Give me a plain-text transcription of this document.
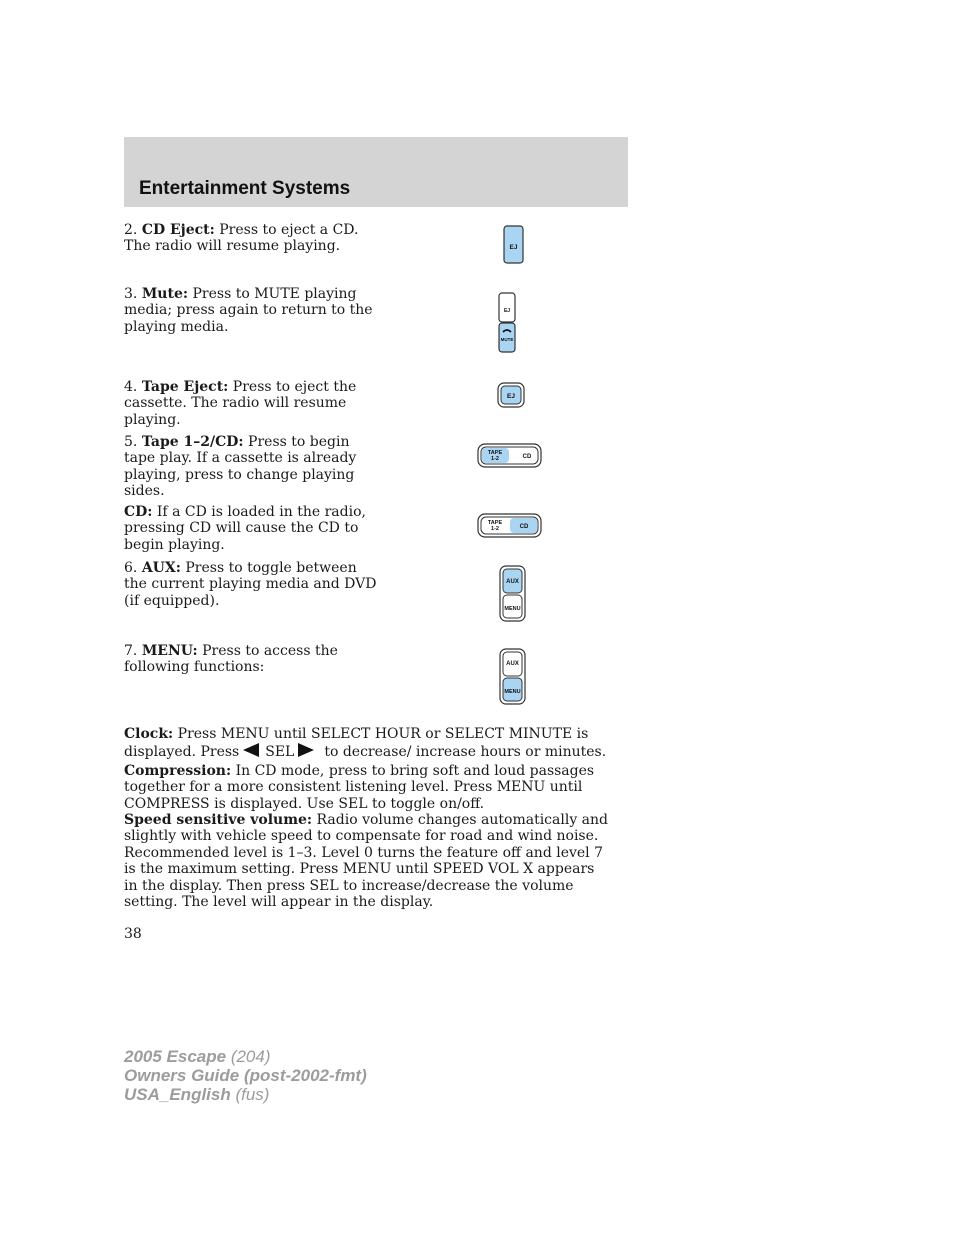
Entertainment Systems
2. CD Eject: Press to eject a CD. The radio will resume playing.	EJ
3. Mute: Press to MUTE playing media; press again to return to the playing media.
EJ
MUTE
4. Tape Eject: Press to eject the cassette. The radio will resume playing.
EJ
5. Tape 1–2/CD: Press to begin tape play. If a cassette is already playing, press to change playing sides.
TAPE
1-2	CD
CD: If a CD is loaded in the radio, pressing CD will cause the CD to begin playing.
TAPE
1-2	CD
6. AUX: Press to toggle between the current playing media and DVD (if equipped).
AUX
MENU
7. MENU: Press to access the following functions:	AUX
MENU
Clock: Press MENU until SELECT HOUR or SELECT MINUTE is displayed. Press SEL to decrease/ increase hours or minutes.
Compression: In CD mode, press to bring soft and loud passages together for a more consistent listening level. Press MENU until COMPRESS is displayed. Use SEL to toggle on/off.
Speed sensitive volume: Radio volume changes automatically and slightly with vehicle speed to compensate for road and wind noise. Recommended level is 1–3. Level 0 turns the feature off and level 7 is the maximum setting. Press MENU until SPEED VOL X appears in the display. Then press SEL to increase/decrease the volume setting. The level will appear in the display.
38
2005 Escape (204)
Owners Guide (post-2002-fmt)
USA_English (fus)
